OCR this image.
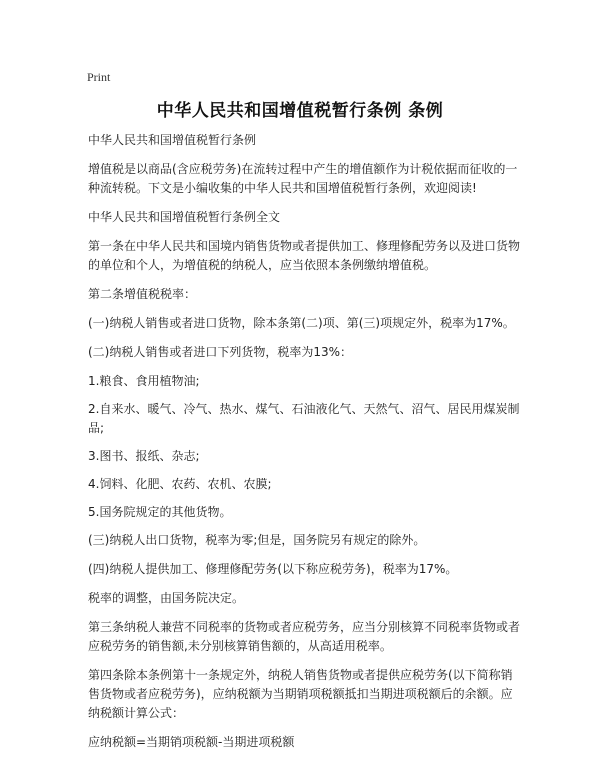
Print
中华人民共和国增值税暂行条例 条例

中华人民共和国增值税暂行条例

增值税是以商品(含应税劳务)在流转过程中产生的增值额作为计税依据而征收的一种流转税。下文是小编收集的中华人民共和国增值税暂行条例，欢迎阅读!

中华人民共和国增值税暂行条例全文

第一条在中华人民共和国境内销售货物或者提供加工、修理修配劳务以及进口货物的单位和个人，为增值税的纳税人，应当依照本条例缴纳增值税。

第二条增值税税率：

(一)纳税人销售或者进口货物，除本条第(二)项、第(三)项规定外，税率为17%。

(二)纳税人销售或者进口下列货物，税率为13%：

1.粮食、食用植物油;

2.自来水、暖气、冷气、热水、煤气、石油液化气、天然气、沼气、居民用煤炭制品;

3.图书、报纸、杂志;

4.饲料、化肥、农药、农机、农膜;

5.国务院规定的其他货物。

(三)纳税人出口货物，税率为零;但是，国务院另有规定的除外。

(四)纳税人提供加工、修理修配劳务(以下称应税劳务)，税率为17%。

税率的调整，由国务院决定。

第三条纳税人兼营不同税率的货物或者应税劳务，应当分别核算不同税率货物或者应税劳务的销售额,未分别核算销售额的，从高适用税率。

第四条除本条例第十一条规定外，纳税人销售货物或者提供应税劳务(以下简称销售货物或者应税劳务)，应纳税额为当期销项税额抵扣当期进项税额后的余额。应纳税额计算公式：

应纳税额=当期销项税额-当期进项税额
